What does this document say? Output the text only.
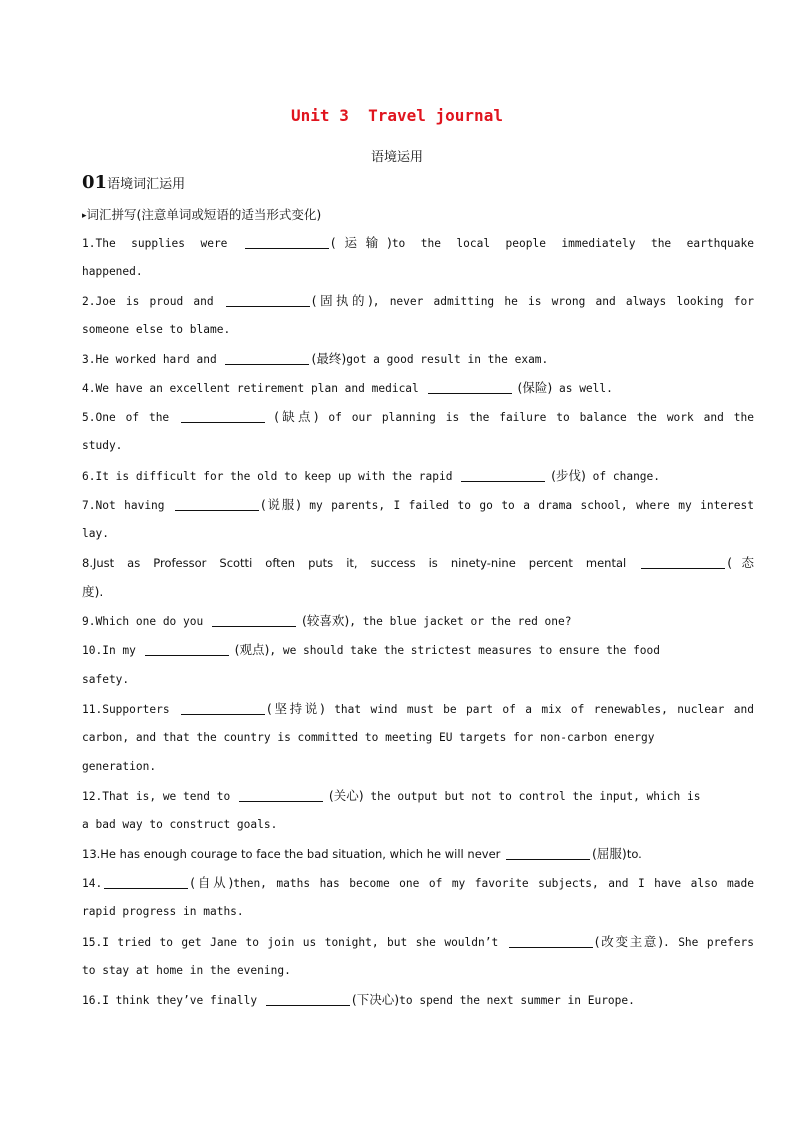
Unit 3  Travel journal
语境运用
01语境词汇运用
▸词汇拼写(注意单词或短语的适当形式变化)
1.The supplies were	(运输)to the local people immediately the earthquake
happened.
2.Joe is proud and	(固执的), never admitting he is wrong and always looking for
someone else to blame.
3.He worked hard and	(最终)got a good result in the exam.
4.We have an excellent retirement plan and medical	(保险) as well.
5.One of the	(缺点) of our planning is the failure to balance the work and the
study.
6.It is difficult for the old to keep up with the rapid	(步伐) of change.
7.Not having	(说服) my parents, I failed to go to a drama school, where my interest
lay.
8.Just as Professor Scotti often puts it, success is ninety-nine percent mental	(态
度).
9.Which one do you	(较喜欢), the blue jacket or the red one?
10.In my	(观点), we should take the strictest measures to ensure the food
safety.
11.Supporters	(坚持说) that wind must be part of a mix of renewables, nuclear and
carbon, and that the country is committed to meeting EU targets for non-carbon energy
generation.
12.That is, we tend to	(关心) the output but not to control the input, which is
a bad way to construct goals.
13.He has enough courage to face the bad situation, which he will never	(屈服)to.
14.	(自从)then, maths has become one of my favorite subjects, and I have also made
rapid progress in maths.
15.I tried to get Jane to join us tonight, but she wouldn’t	(改变主意). She prefers
to stay at home in the evening.
16.I think they’ve finally	(下决心)to spend the next summer in Europe.
